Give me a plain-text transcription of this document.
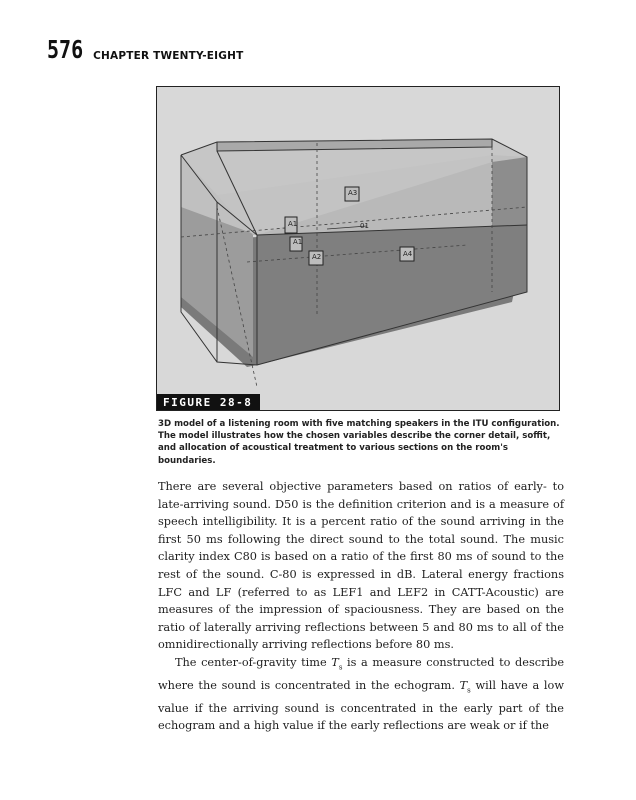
576 CHAPTER TWENTY-EIGHT
A3
A1
A1
A2	A4
01
FIGURE 28-8
3D model of a listening room with five matching speakers in the ITU configuration. The model illustrates how the chosen variables describe the corner detail, soffit, and allocation of acoustical treatment to various sections on the room's boundaries.

There are several objective parameters based on ratios of early- to late-arriving sound. D50 is the definition criterion and is a measure of speech intelligibility. It is a percent ratio of the sound arriving in the first 50 ms following the direct sound to the total sound. The music clarity index C80 is based on a ratio of the first 80 ms of sound to the rest of the sound. C-80 is expressed in dB. Lateral energy fractions LFC and LF (referred to as LEF1 and LEF2 in CATT-Acoustic) are measures of the impression of spaciousness. They are based on the ratio of laterally arriving reflections between 5 and 80 ms to all of the omnidirectionally arriving reflections before 80 ms.

The center-of-gravity time $T_s$ is a measure constructed to describe where the sound is concentrated in the echogram. $T_s$ will have a low value if the arriving sound is concentrated in the early part of the echogram and a high value if the early reflections are weak or if the
